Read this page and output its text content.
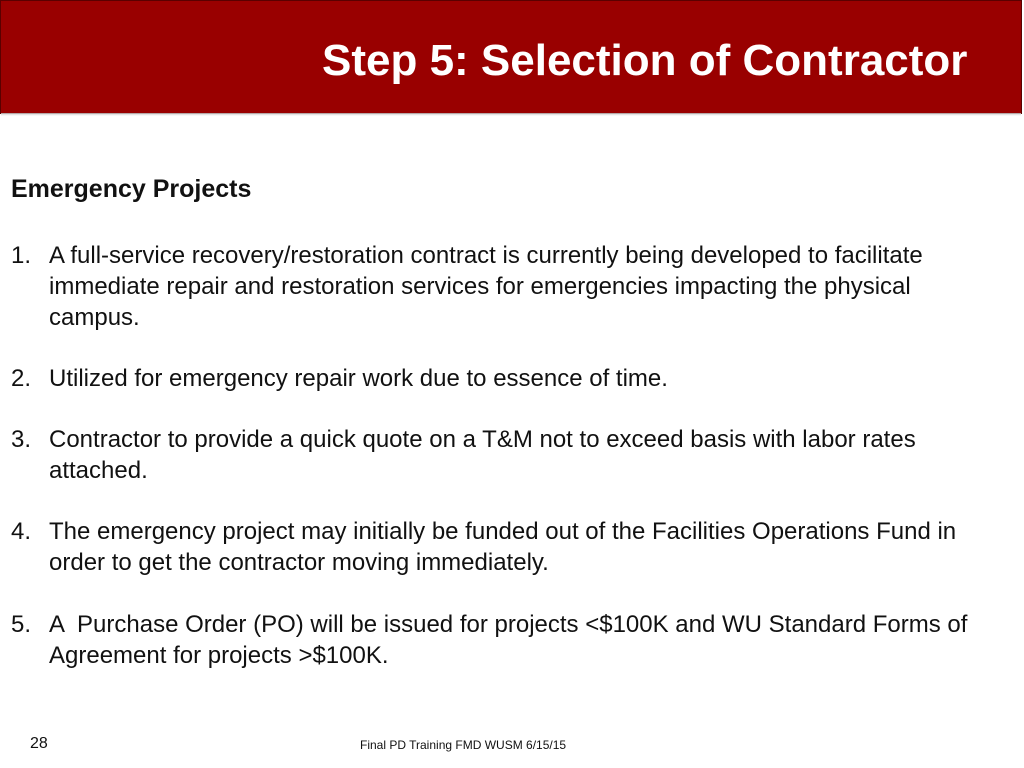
Step 5: Selection of Contractor
Emergency Projects
1. A full-service recovery/restoration contract is currently being developed to facilitate
immediate repair and restoration services for emergencies impacting the physical
campus.
2. Utilized for emergency repair work due to essence of time.
3. Contractor to provide a quick quote on a T&M not to exceed basis with labor rates
attached.
4. The emergency project may initially be funded out of the Facilities Operations Fund in
order to get the contractor moving immediately.
5. A  Purchase Order (PO) will be issued for projects <$100K and WU Standard Forms of
Agreement for projects >$100K.
28	Final PD Training FMD WUSM 6/15/15
